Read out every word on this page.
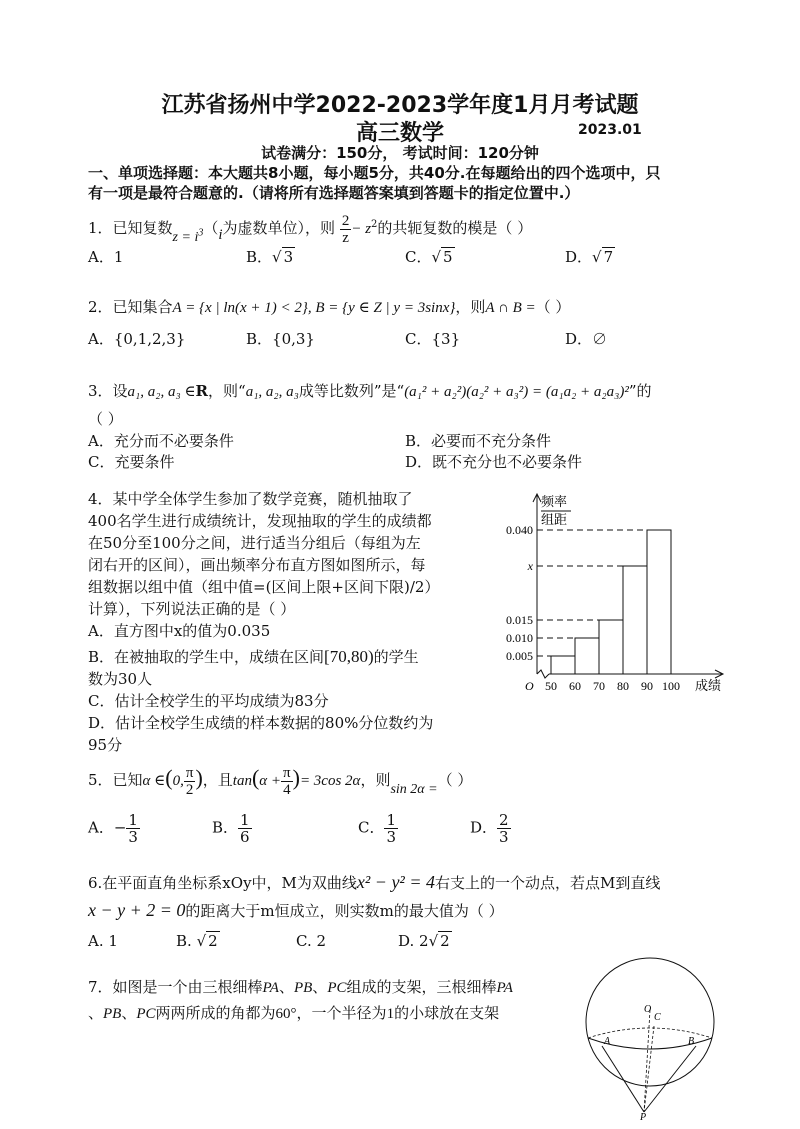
江苏省扬州中学2022-2023学年度1月月考试题
高三数学	2023.01
试卷满分：150分， 考试时间：120分钟
一、单项选择题：本大题共8小题，每小题5分，共40分.在每题给出的四个选项中，只
有一项是最符合题意的.（请将所有选择题答案填到答题卡的指定位置中.）
1．已知复数$z = i^3(i$为虚数单位），则 $\frac{2}{z} - z^2$的共轭复数的模是（ ）
A．1	B．√ 3	C．√ 5	D．√ 7
2．已知集合A = {x | ln(x + 1) < 2}, B = {y ∈ Z | y = 3sinx}，则A ∩ B =（ ）
A．{0,1,2,3}	B．{0,3}	C．{3}	D．∅
3．设a₁, a₂, a₃ ∈R，则“a₁, a₂, a₃成等比数列”是“(a₁² + a₂²)(a₂² + a₃²) = (a₁a₂ + a₂a₃)²”的
（ ）
A．充分而不必要条件	B．必要而不充分条件
C．充要条件	D．既不充分也不必要条件
4．某中学全体学生参加了数学竞赛，随机抽取了
400名学生进行成绩统计，发现抽取的学生的成绩都
在50分至100分之间，进行适当分组后（每组为左
闭右开的区间），画出频率分布直方图如图所示，每
组数据以组中值（组中值=(区间上限+区间下限)/2）
计算），下列说法正确的是（ ）
A．直方图中x的值为0.035
B．在被抽取的学生中，成绩在区间[70,80)的学生
数为30人
C．估计全校学生的平均成绩为83分
D．估计全校学生成绩的样本数据的80%分位数约为
95分
0.005
0.010
0.015
x
0.040
50 60 70 80 90 100
O	成绩
频率
组距
5．已知α ∈(0, $\frac{\pi}{2}$ )，且$\tan(\alpha + \frac{\pi}{4}$ )= 3cos 2α，则sin 2α =（ ）
A．− $\frac{1}{3}$	B． $\frac{1}{6}$	C． $\frac{1}{3}$	D． $\frac{2}{3}$
6.在平面直角坐标系xOy中，M为双曲线x² − y² = 4右支上的一个动点，若点M到直线
x − y + 2 = 0的距离大于m恒成立，则实数m的最大值为（ ）
A. 1	B. √ 2	C. 2	D. 2√ 2
7．如图是一个由三根细棒PA、PB、PC组成的支架，三根细棒PA
、PB、PC两两所成的角都为60°，一个半径为1的小球放在支架	O
C
A	B
P
